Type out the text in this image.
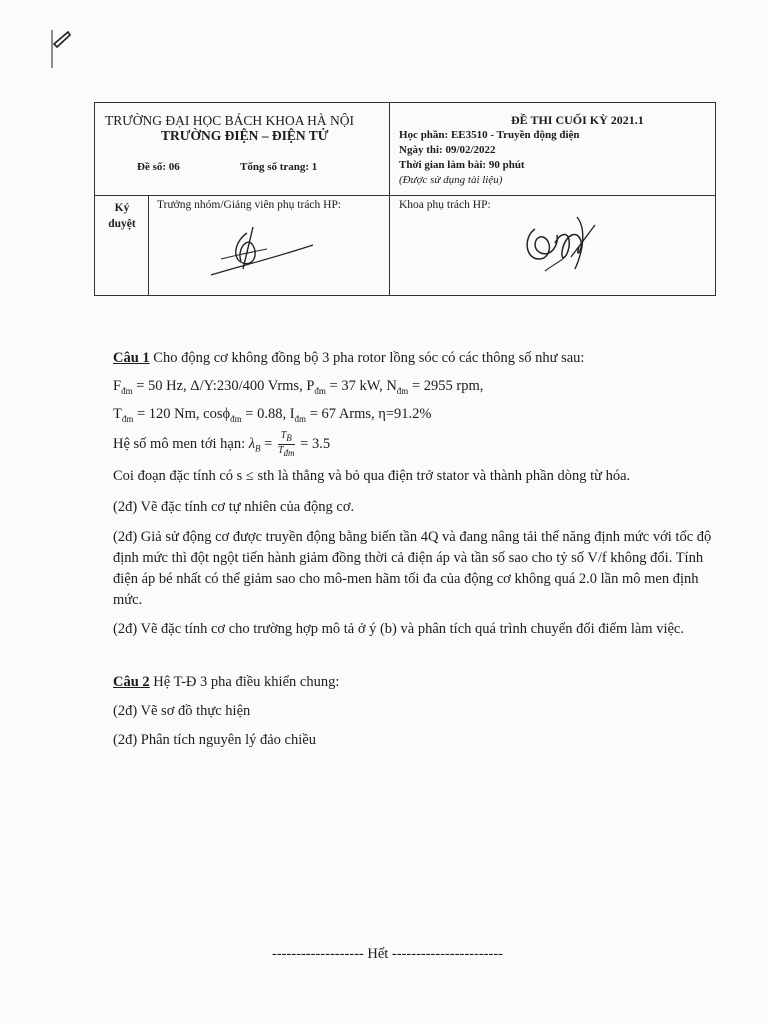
TRƯỜNG ĐẠI HỌC BÁCH KHOA HÀ NỘI
TRƯỜNG ĐIỆN – ĐIỆN TỬ
Đề số: 06	Tổng số trang: 1
ĐỀ THI CUỐI KỲ 2021.1
Học phần: EE3510 - Truyền động điện
Ngày thi: 09/02/2022
Thời gian làm bài: 90 phút
(Được sử dụng tài liệu)
Ký
duyệt
Trưởng nhóm/Giảng viên phụ trách HP:	Khoa phụ trách HP:
Câu 1 Cho động cơ không đồng bộ 3 pha rotor lồng sóc có các thông số như sau:
$F_{đm} = 50$ Hz, Δ/Y:230/400 Vrms, $P_{đm} = 37$ kW, $N_{đm} = 2955$ rpm,
$T_{đm} = 120$ Nm, cosϕ$_{đm}$ = 0.88, $I_{đm} = 67$ Arms, η=91.2%
Hệ số mô men tới hạn: $\lambda_B = \frac{T_B}{T_{đm}} = 3.5$
Coi đoạn đặc tính có s ≤ sth là thẳng và bỏ qua điện trở stator và thành phần dòng từ hóa.
(2đ) Vẽ đặc tính cơ tự nhiên của động cơ.
(2đ) Giả sử động cơ được truyền động bằng biến tần 4Q và đang nâng tải thế năng định mức với tốc độ định mức thì đột ngột tiến hành giảm đồng thời cả điện áp và tần số sao cho tỷ số V/f không đổi. Tính điện áp bé nhất có thể giảm sao cho mô-men hãm tối đa của động cơ không quá 2.0 lần mô men định mức.
(2đ) Vẽ đặc tính cơ cho trường hợp mô tả ở ý (b) và phân tích quá trình chuyển đổi điểm làm việc.
Câu 2 Hệ T-Đ 3 pha điều khiển chung:
(2đ) Vẽ sơ đồ thực hiện
(2đ) Phân tích nguyên lý đảo chiều
------------------- Hết -----------------------
